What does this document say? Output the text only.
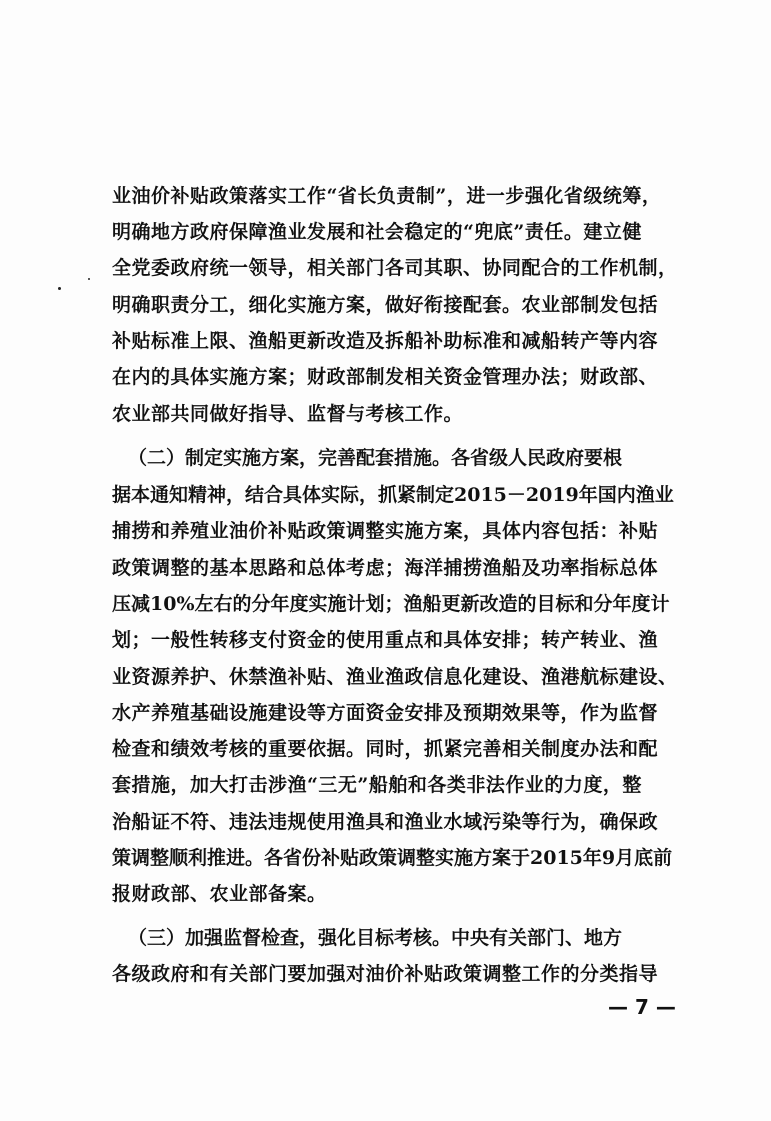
业油价补贴政策落实工作“省长负责制”，进一步强化省级统筹，
明确地方政府保障渔业发展和社会稳定的“兜底”责任。建立健
全党委政府统一领导，相关部门各司其职、协同配合的工作机制，
明确职责分工，细化实施方案，做好衔接配套。农业部制发包括
补贴标准上限、渔船更新改造及拆船补助标准和减船转产等内容
在内的具体实施方案；财政部制发相关资金管理办法；财政部、
农业部共同做好指导、监督与考核工作。
（二）制定实施方案，完善配套措施。各省级人民政府要根
据本通知精神，结合具体实际，抓紧制定2015－2019年国内渔业
捕捞和养殖业油价补贴政策调整实施方案，具体内容包括：补贴
政策调整的基本思路和总体考虑；海洋捕捞渔船及功率指标总体
压减10%左右的分年度实施计划；渔船更新改造的目标和分年度计
划；一般性转移支付资金的使用重点和具体安排；转产转业、渔
业资源养护、休禁渔补贴、渔业渔政信息化建设、渔港航标建设、
水产养殖基础设施建设等方面资金安排及预期效果等，作为监督
检查和绩效考核的重要依据。同时，抓紧完善相关制度办法和配
套措施，加大打击涉渔“三无”船舶和各类非法作业的力度，整
治船证不符、违法违规使用渔具和渔业水域污染等行为，确保政
策调整顺利推进。各省份补贴政策调整实施方案于2015年9月底前
报财政部、农业部备案。
（三）加强监督检查，强化目标考核。中央有关部门、地方
各级政府和有关部门要加强对油价补贴政策调整工作的分类指导
— 7 —
